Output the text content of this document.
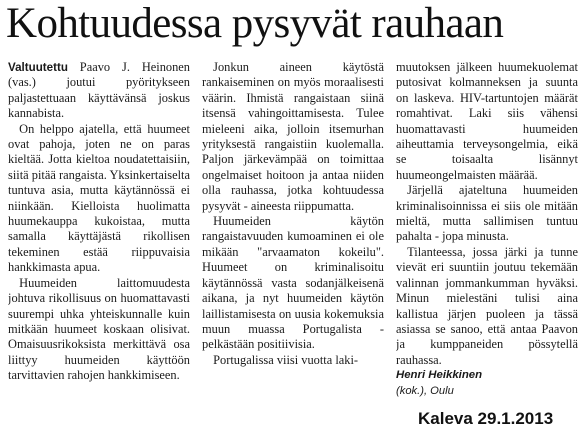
Kohtuudessa pysyvät rauhaan

Valtuutettu Paavo J. Heinonen (vas.) joutui pyöritykseen paljastettuaan käyttävänsä joskus kannabista.

On helppo ajatella, että huumeet ovat pahoja, joten ne on paras kieltää. Jotta kieltoa noudatettaisiin, siitä pitää rangaista. Yksinkertaiselta tuntuva asia, mutta käytännössä ei niinkään. Kielloista huolimatta huumekauppa kukoistaa, mutta samalla käyttäjästä rikollisen tekeminen estää riippuvaisia hankkimasta apua.

Huumeiden laittomuudesta johtuva rikollisuus on huomattavasti suurempi uhka yhteiskunnalle kuin mitkään huumeet koskaan olisivat. Omaisuusrikoksista merkittävä osa liittyy huumeiden käyttöön tarvittavien rahojen hankkimiseen.

Jonkun aineen käytöstä rankaiseminen on myös moraalisesti väärin. Ihmistä rangaistaan siinä itsensä vahingoittamisesta. Tulee mieleeni aika, jolloin itsemurhan yrityksestä rangaistiin kuolemalla. Paljon järkevämpää on toimittaa ongelmaiset hoitoon ja antaa niiden olla rauhassa, jotka kohtuudessa pysyvät - aineesta riippumatta.

Huumeiden käytön rangaistavuuden kumoaminen ei ole mikään "arvaamaton kokeilu". Huumeet on kriminalisoitu käytännössä vasta sodanjälkeisenä aikana, ja nyt huumeiden käytön laillistamisesta on uusia kokemuksia muun muassa Portugalista - pelkästään positiivisia.

Portugalissa viisi vuotta laki-

muutoksen jälkeen huumekuolemat putosivat kolmanneksen ja suunta on laskeva. HIV-tartuntojen määrät romahtivat. Laki siis vähensi huomattavasti huumeiden aiheuttamia terveysongelmia, eikä se toisaalta lisännyt huumeongelmaisten määrää.

Järjellä ajateltuna huumeiden kriminalisoinnissa ei siis ole mitään mieltä, mutta sallimisen tuntuu pahalta - jopa minusta.

Tilanteessa, jossa järki ja tunne vievät eri suuntiin joutuu tekemään valinnan jommankumman hyväksi. Minun mielestäni tulisi aina kallistua järjen puoleen ja tässä asiassa se sanoo, että antaa Paavon ja kumppaneiden pössytellä rauhassa.

Henri Heikkinen

(kok.), Oulu

Kaleva 29.1.2013
